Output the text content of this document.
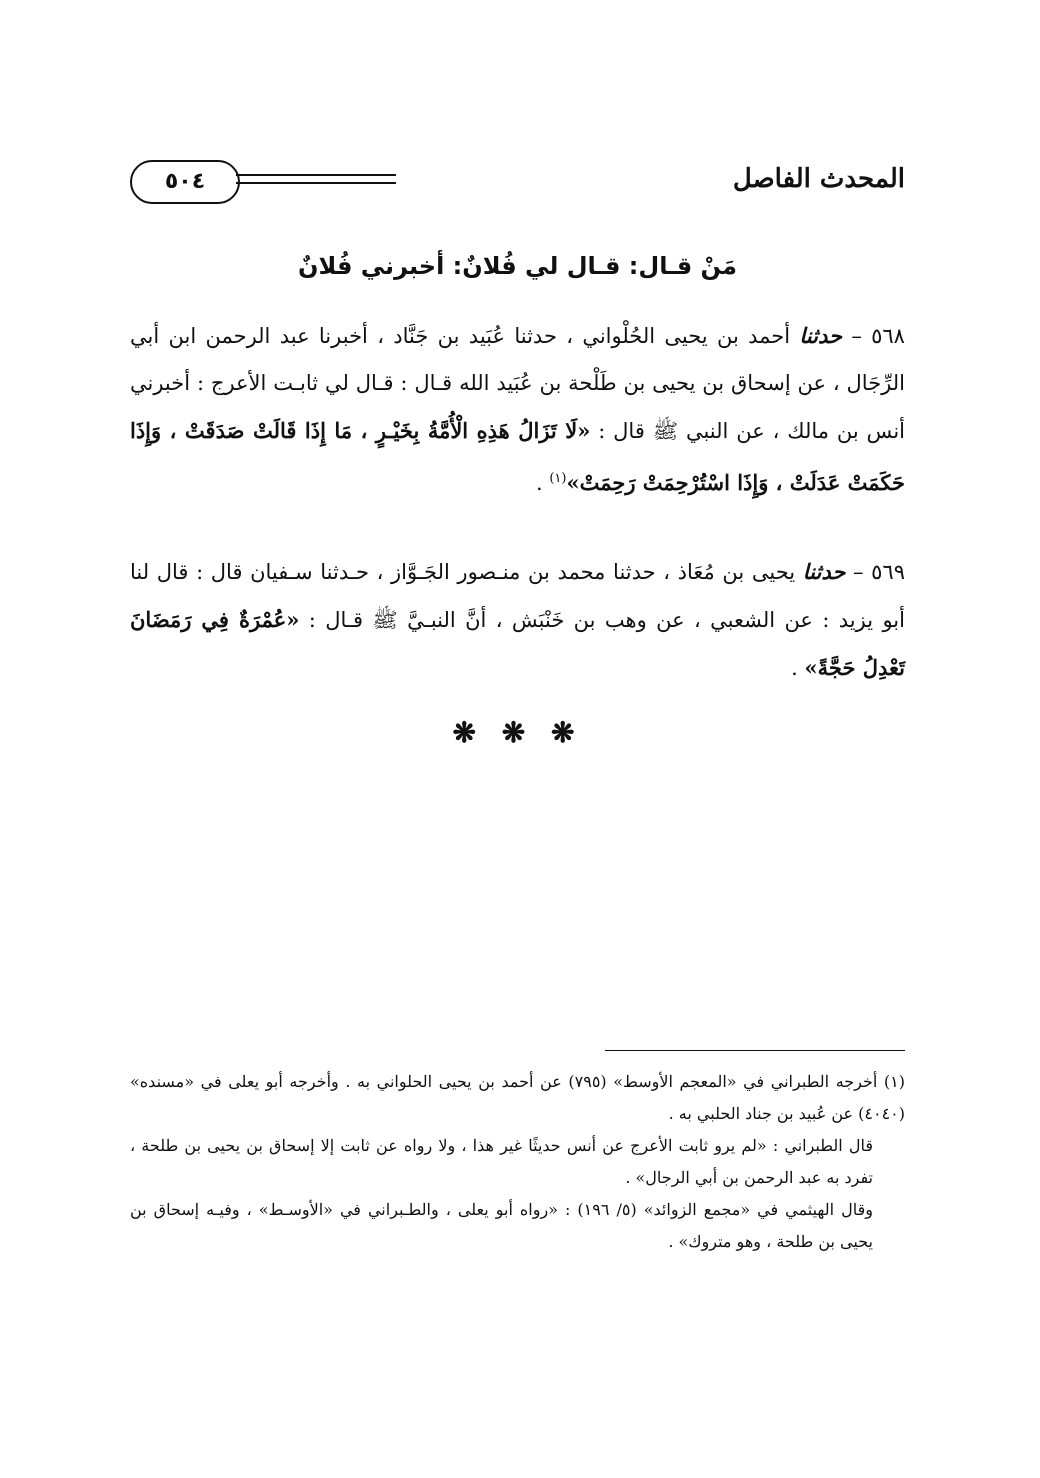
٥٠٤	المحدث الفاصل
مَنْ قـال: قـال لي فُلانٌ: أخبرني فُلانٌ
٥٦٨ – حدثنا أحمد بن يحيى الحُلْواني ، حدثنا عُبَيد بن جَنَّاد ، أخبرنا عبد الرحمن ابن أبي الرِّجَال ، عن إسحاق بن يحيى بن طَلْحة بن عُبَيد الله قـال : قـال لي ثابـت الأعرج : أخبرني أنس بن مالك ، عن النبي ﷺ قال : «لَا تَزَالُ هَذِهِ الْأُمَّةُ بِخَيْـرٍ ، مَا إِذَا قَالَتْ صَدَقَتْ ، وَإِذَا حَكَمَتْ عَدَلَتْ ، وَإِذَا اسْتُرْحِمَتْ رَحِمَتْ»$^{(١)}$ .
٥٦٩ – حدثنا يحيى بن مُعَاذ ، حدثنا محمد بن منـصور الجَـوَّاز ، حـدثنا سـفيان قال : قال لنا أبو يزيد : عن الشعبي ، عن وهب بن خَنْبَش ، أنَّ النبـيَّ ﷺ قـال : «عُمْرَةٌ فِي رَمَضَانَ تَعْدِلُ حَجَّةً» .
❋ ❋ ❋

(١) أخرجه الطبراني في «المعجم الأوسط» (٧٩٥) عن أحمد بن يحيى الحلواني به . وأخرجه أبو يعلى في «مسنده» (٤٠٤٠) عن عُبيد بن جناد الحلبي به .

قال الطبراني : «لم يرو ثابت الأعرج عن أنس حديثًا غير هذا ، ولا رواه عن ثابت إلا إسحاق بن يحيى بن طلحة ، تفرد به عبد الرحمن بن أبي الرجال» .

وقال الهيثمي في «مجمع الزوائد» (٥/ ١٩٦) : «رواه أبو يعلى ، والطـبراني في «الأوسـط» ، وفيـه إسحاق بن يحيى بن طلحة ، وهو متروك» .
